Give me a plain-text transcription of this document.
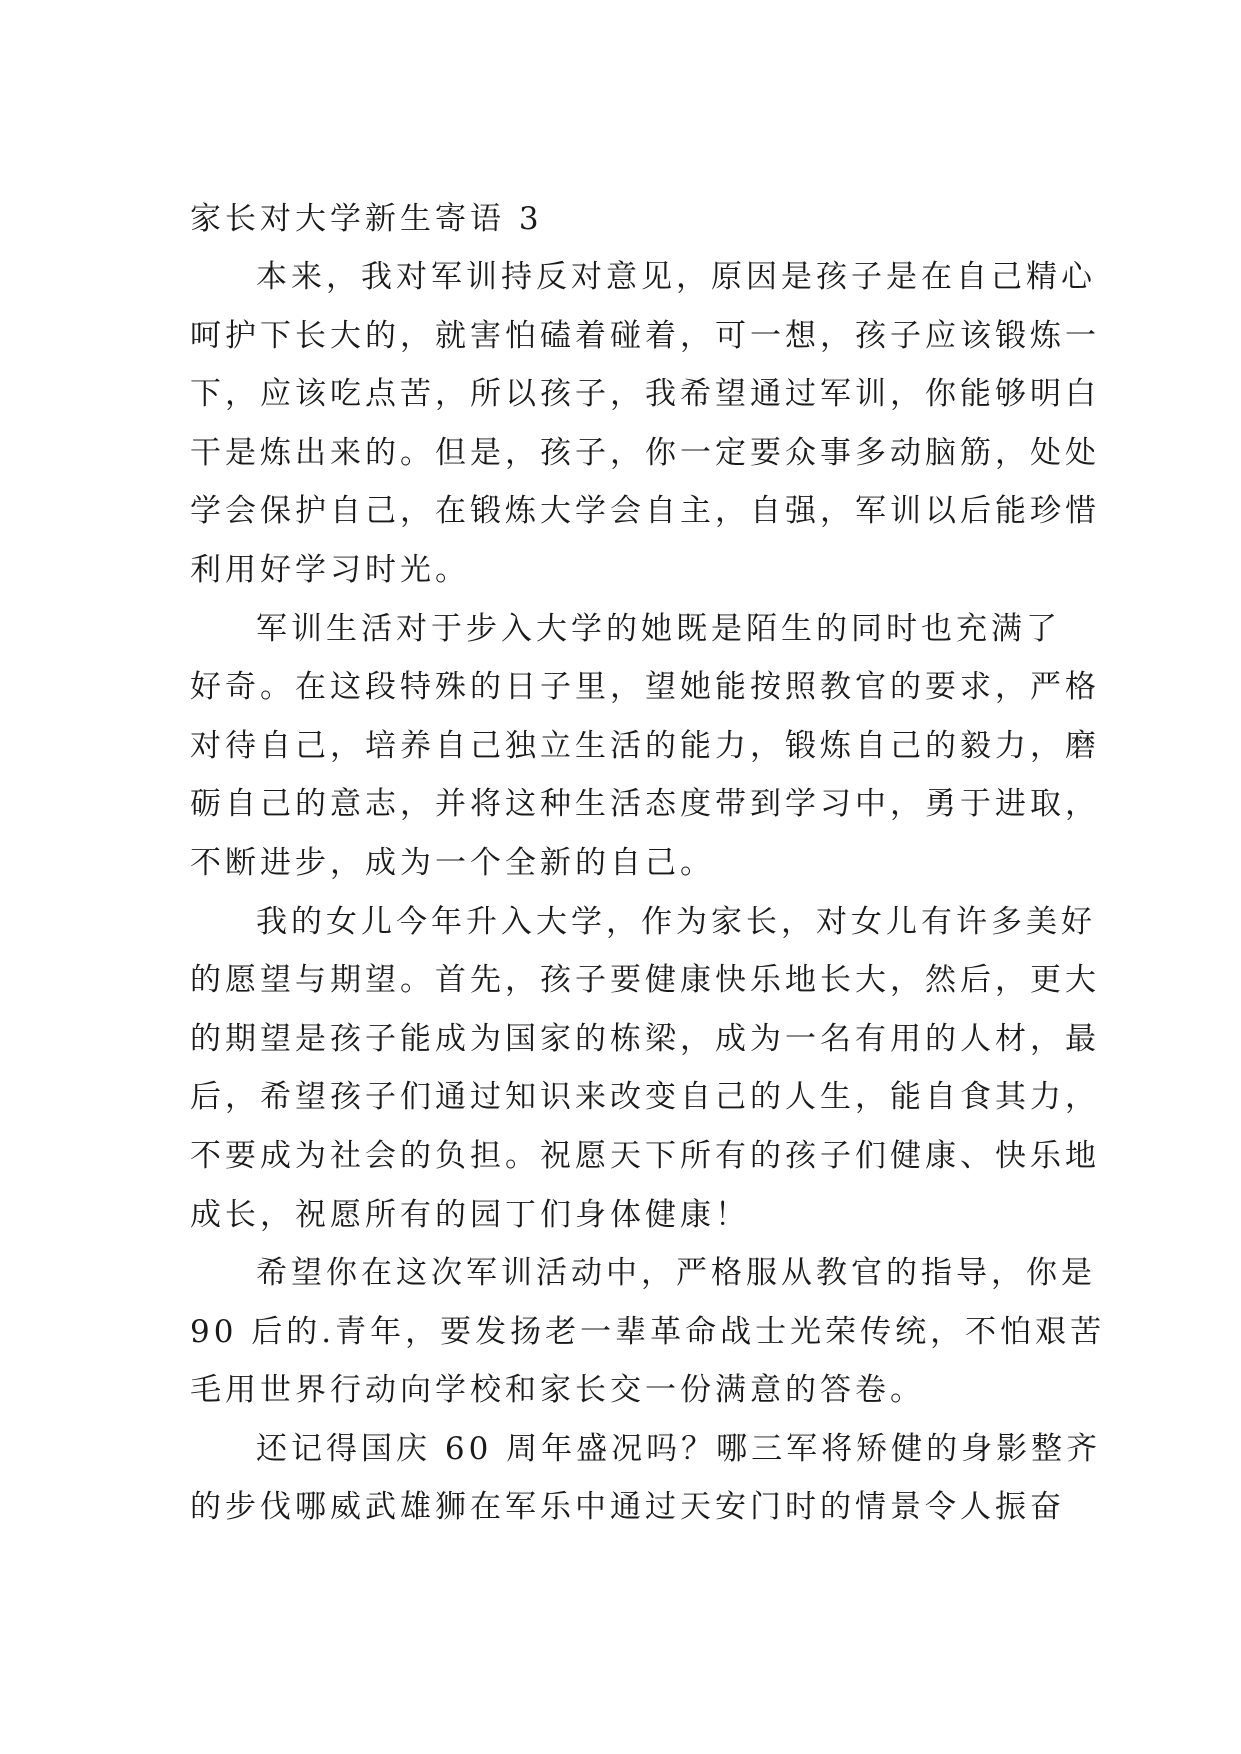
家长对大学新生寄语 3
本来，我对军训持反对意见，原因是孩子是在自己精心
呵护下长大的，就害怕磕着碰着，可一想，孩子应该锻炼一
下，应该吃点苦，所以孩子，我希望通过军训，你能够明白
干是炼出来的。但是，孩子，你一定要众事多动脑筋，处处
学会保护自己，在锻炼大学会自主，自强，军训以后能珍惜
利用好学习时光。
军训生活对于步入大学的她既是陌生的同时也充满了
好奇。在这段特殊的日子里，望她能按照教官的要求，严格
对待自己，培养自己独立生活的能力，锻炼自己的毅力，磨
砺自己的意志，并将这种生活态度带到学习中，勇于进取，
不断进步，成为一个全新的自己。
我的女儿今年升入大学，作为家长，对女儿有许多美好
的愿望与期望。首先，孩子要健康快乐地长大，然后，更大
的期望是孩子能成为国家的栋梁，成为一名有用的人材，最
后，希望孩子们通过知识来改变自己的人生，能自食其力，
不要成为社会的负担。祝愿天下所有的孩子们健康、快乐地
成长，祝愿所有的园丁们身体健康！
希望你在这次军训活动中，严格服从教官的指导，你是
90 后的.青年，要发扬老一辈革命战士光荣传统，不怕艰苦
毛用世界行动向学校和家长交一份满意的答卷。
还记得国庆 60 周年盛况吗？哪三军将矫健的身影整齐
的步伐哪威武雄狮在军乐中通过天安门时的情景令人振奋
